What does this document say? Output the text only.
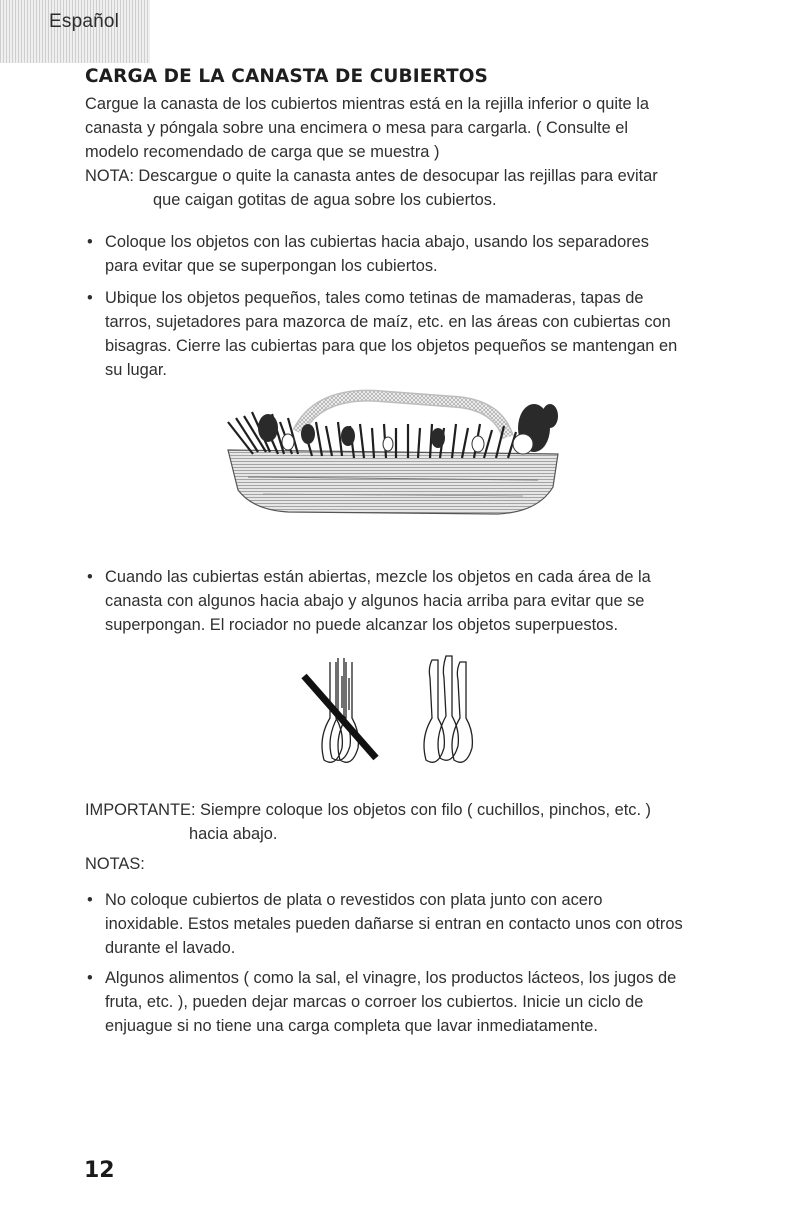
Español
CARGA DE LA CANASTA DE CUBIERTOS
Cargue la canasta de los cubiertos mientras está en la rejilla inferior o quite la
canasta y póngala sobre una encimera o mesa para cargarla. ( Consulte el
modelo recomendado de carga que se muestra )
NOTA: Descargue o quite la canasta antes de desocupar las rejillas para evitar
que caigan gotitas de agua sobre los cubiertos.
• Coloque los objetos con las cubiertas hacia abajo, usando los separadores
para evitar que se superpongan los cubiertos.
• Ubique los objetos pequeños, tales como tetinas de mamaderas, tapas de
tarros, sujetadores para mazorca de maíz, etc. en las áreas con cubiertas con
bisagras. Cierre las cubiertas para que los objetos pequeños se mantengan en
su lugar.
• Cuando las cubiertas están abiertas, mezcle los objetos en cada área de la
canasta con algunos hacia abajo y algunos hacia arriba para evitar que se
superpongan. El rociador no puede alcanzar los objetos superpuestos.
IMPORTANTE: Siempre coloque los objetos con filo ( cuchillos, pinchos, etc. )
hacia abajo.
NOTAS:
• No coloque cubiertos de plata o revestidos con plata junto con acero
inoxidable. Estos metales pueden dañarse si entran en contacto unos con otros
durante el lavado.
• Algunos alimentos ( como la sal, el vinagre, los productos lácteos, los jugos de
fruta, etc. ), pueden dejar marcas o corroer los cubiertos. Inicie un ciclo de
enjuague si no tiene una carga completa que lavar inmediatamente.
12
